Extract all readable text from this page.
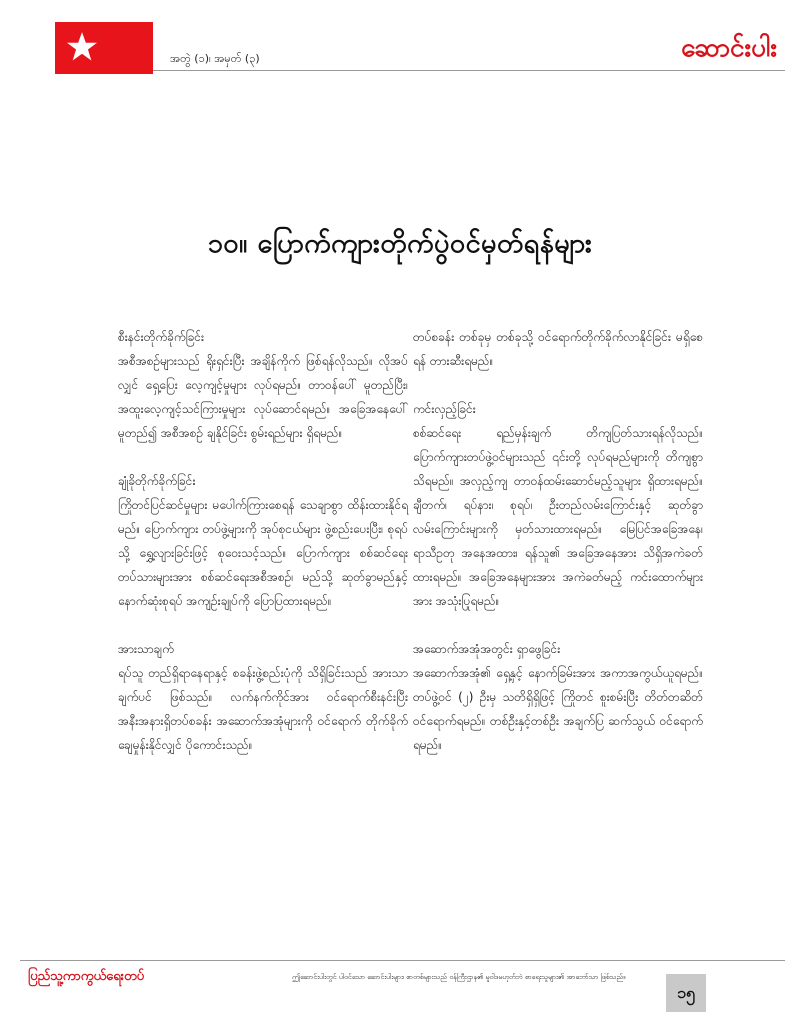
အတွဲ (၁)၊ အမှတ် (၃)	ဆောင်းပါး
၁၀။ ပြောက်ကျားတိုက်ပွဲဝင်မှတ်ရန်များ
စီးနင်းတိုက်ခိုက်ခြင်း
အစီအစဉ်များသည် ရိုးရှင်းပြီး အချိန်ကိုက် ဖြစ်ရန်လိုသည်။ လိုအပ်လျှင် ရှေ့ပြေး လေ့ကျင့်မှုများ လုပ်ရမည်။ တာဝန်ပေါ် မူတည်ပြီး၊ အထူးလေ့ကျင့်သင်ကြားမှုများ လုပ်ဆောင်ရမည်။ အခြေအနေပေါ် မူတည်၍ အစီအစဉ် ချနိုင်ခြင်း စွမ်းရည်များ ရှိရမည်။
ချုံခိုတိုက်ခိုက်ခြင်း
ကြိုတင်ပြင်ဆင်မှုများ မပေါက်ကြားစေရန် သေချာစွာ ထိန်းထားနိုင်ရမည်။ ပြောက်ကျား တပ်ဖွဲ့များကို အုပ်စုငယ်များ ဖွဲ့စည်းပေးပြီး၊ စုရပ်သို့ ရွှေ့လျားခြင်းဖြင့် စုဝေးသင့်သည်။ ပြောက်ကျား စစ်ဆင်ရေး တပ်သားများအား စစ်ဆင်ရေးအစီအစဉ်၊ မည်သို့ ဆုတ်ခွာမည်နှင့် နောက်ဆုံးစုရပ် အကျဉ်းချုပ်ကို ပြောပြထားရမည်။
အားသာချက်
ရပ်သူ တည်ရှိရာနေရာနှင့် စခန်းဖွဲ့စည်းပုံကို သိရှိခြင်းသည် အားသာချက်ပင် ဖြစ်သည်။ လက်နက်ကိုင်အား ဝင်ရောက်စီးနင်းပြီး အနီးအနားရှိတပ်စခန်း အဆောက်အအုံများကို ဝင်ရောက် တိုက်ခိုက်ချေမှုန်းနိုင်လျှင် ပိုကောင်းသည်။
တပ်စခန်း တစ်ခုမှ တစ်ခုသို့ ဝင်ရောက်တိုက်ခိုက်လာနိုင်ခြင်း မရှိစေရန် တားဆီးရမည်။
ကင်းလှည့်ခြင်း
စစ်ဆင်ရေး ရည်မှန်းချက် တိကျပြတ်သားရန်လိုသည်။ ပြောက်ကျားတပ်ဖွဲ့ဝင်များသည် ၎င်းတို့ လုပ်ရမည်များကို တိကျစွာ သိရမည်။ အလှည့်ကျ တာဝန်ထမ်းဆောင်မည့်သူများ ရှိထားရမည်။ ချီတက်၊ ရပ်နား၊ စုရပ်၊ ဦးတည်လမ်းကြောင်းနှင့် ဆုတ်ခွာလမ်းကြောင်းများကို မှတ်သားထားရမည်။ မြေပြင်အခြေအနေ၊ ရာသီဥတု အနေအထား၊ ရန်သူ၏ အခြေအနေအား သိရှိအကဲခတ်ထားရမည်။ အခြေအနေများအား အကဲခတ်မည့် ကင်းထောက်များအား အသုံးပြုရမည်။
အဆောက်အအုံအတွင်း ရှာဖွေခြင်း
အဆောက်အအုံ၏ ရှေ့နှင့် နောက်ခြမ်းအား အကာအကွယ်ယူရမည်။ တပ်ဖွဲ့ဝင် (၂) ဦးမှ သတိရှိရှိဖြင့် ကြိုတင် စူးစမ်းပြီး တိတ်တဆိတ် ဝင်ရောက်ရမည်။ တစ်ဦးနှင့်တစ်ဦး အချက်ပြ ဆက်သွယ် ဝင်ရောက်ရမည်။
ပြည်သူ့ကာကွယ်ရေးတပ်	ဤဆောင်းပါးတွင် ပါဝင်သော ဆောင်းပါးများ၊ စာတစ်များသည် ဝန်ကြီးဌာန၏ မူဝါဒမဟုတ်ဘဲ စာရေးသူများ၏ အာဘော်သာ ဖြစ်သည်။
၁၅
